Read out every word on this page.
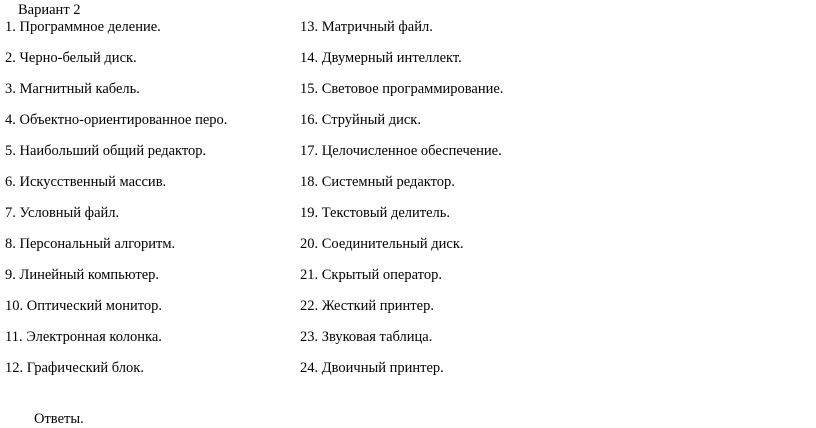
Вариант 2
1. Программное деление.
2. Черно-белый диск.
3. Магнитный кабель.
4. Объектно-ориентированное перо.
5. Наибольший общий редактор.
6. Искусственный массив.
7. Условный файл.
8. Персональный алгоритм.
9. Линейный компьютер.
10. Оптический монитор.
11. Электронная колонка.
12. Графический блок.
13. Матричный файл.
14. Двумерный интеллект.
15. Световое программирование.
16. Струйный диск.
17. Целочисленное обеспечение.
18. Системный редактор.
19. Текстовый делитель.
20. Соединительный диск.
21. Скрытый оператор.
22. Жесткий принтер.
23. Звуковая таблица.
24. Двоичный принтер.
Ответы.
